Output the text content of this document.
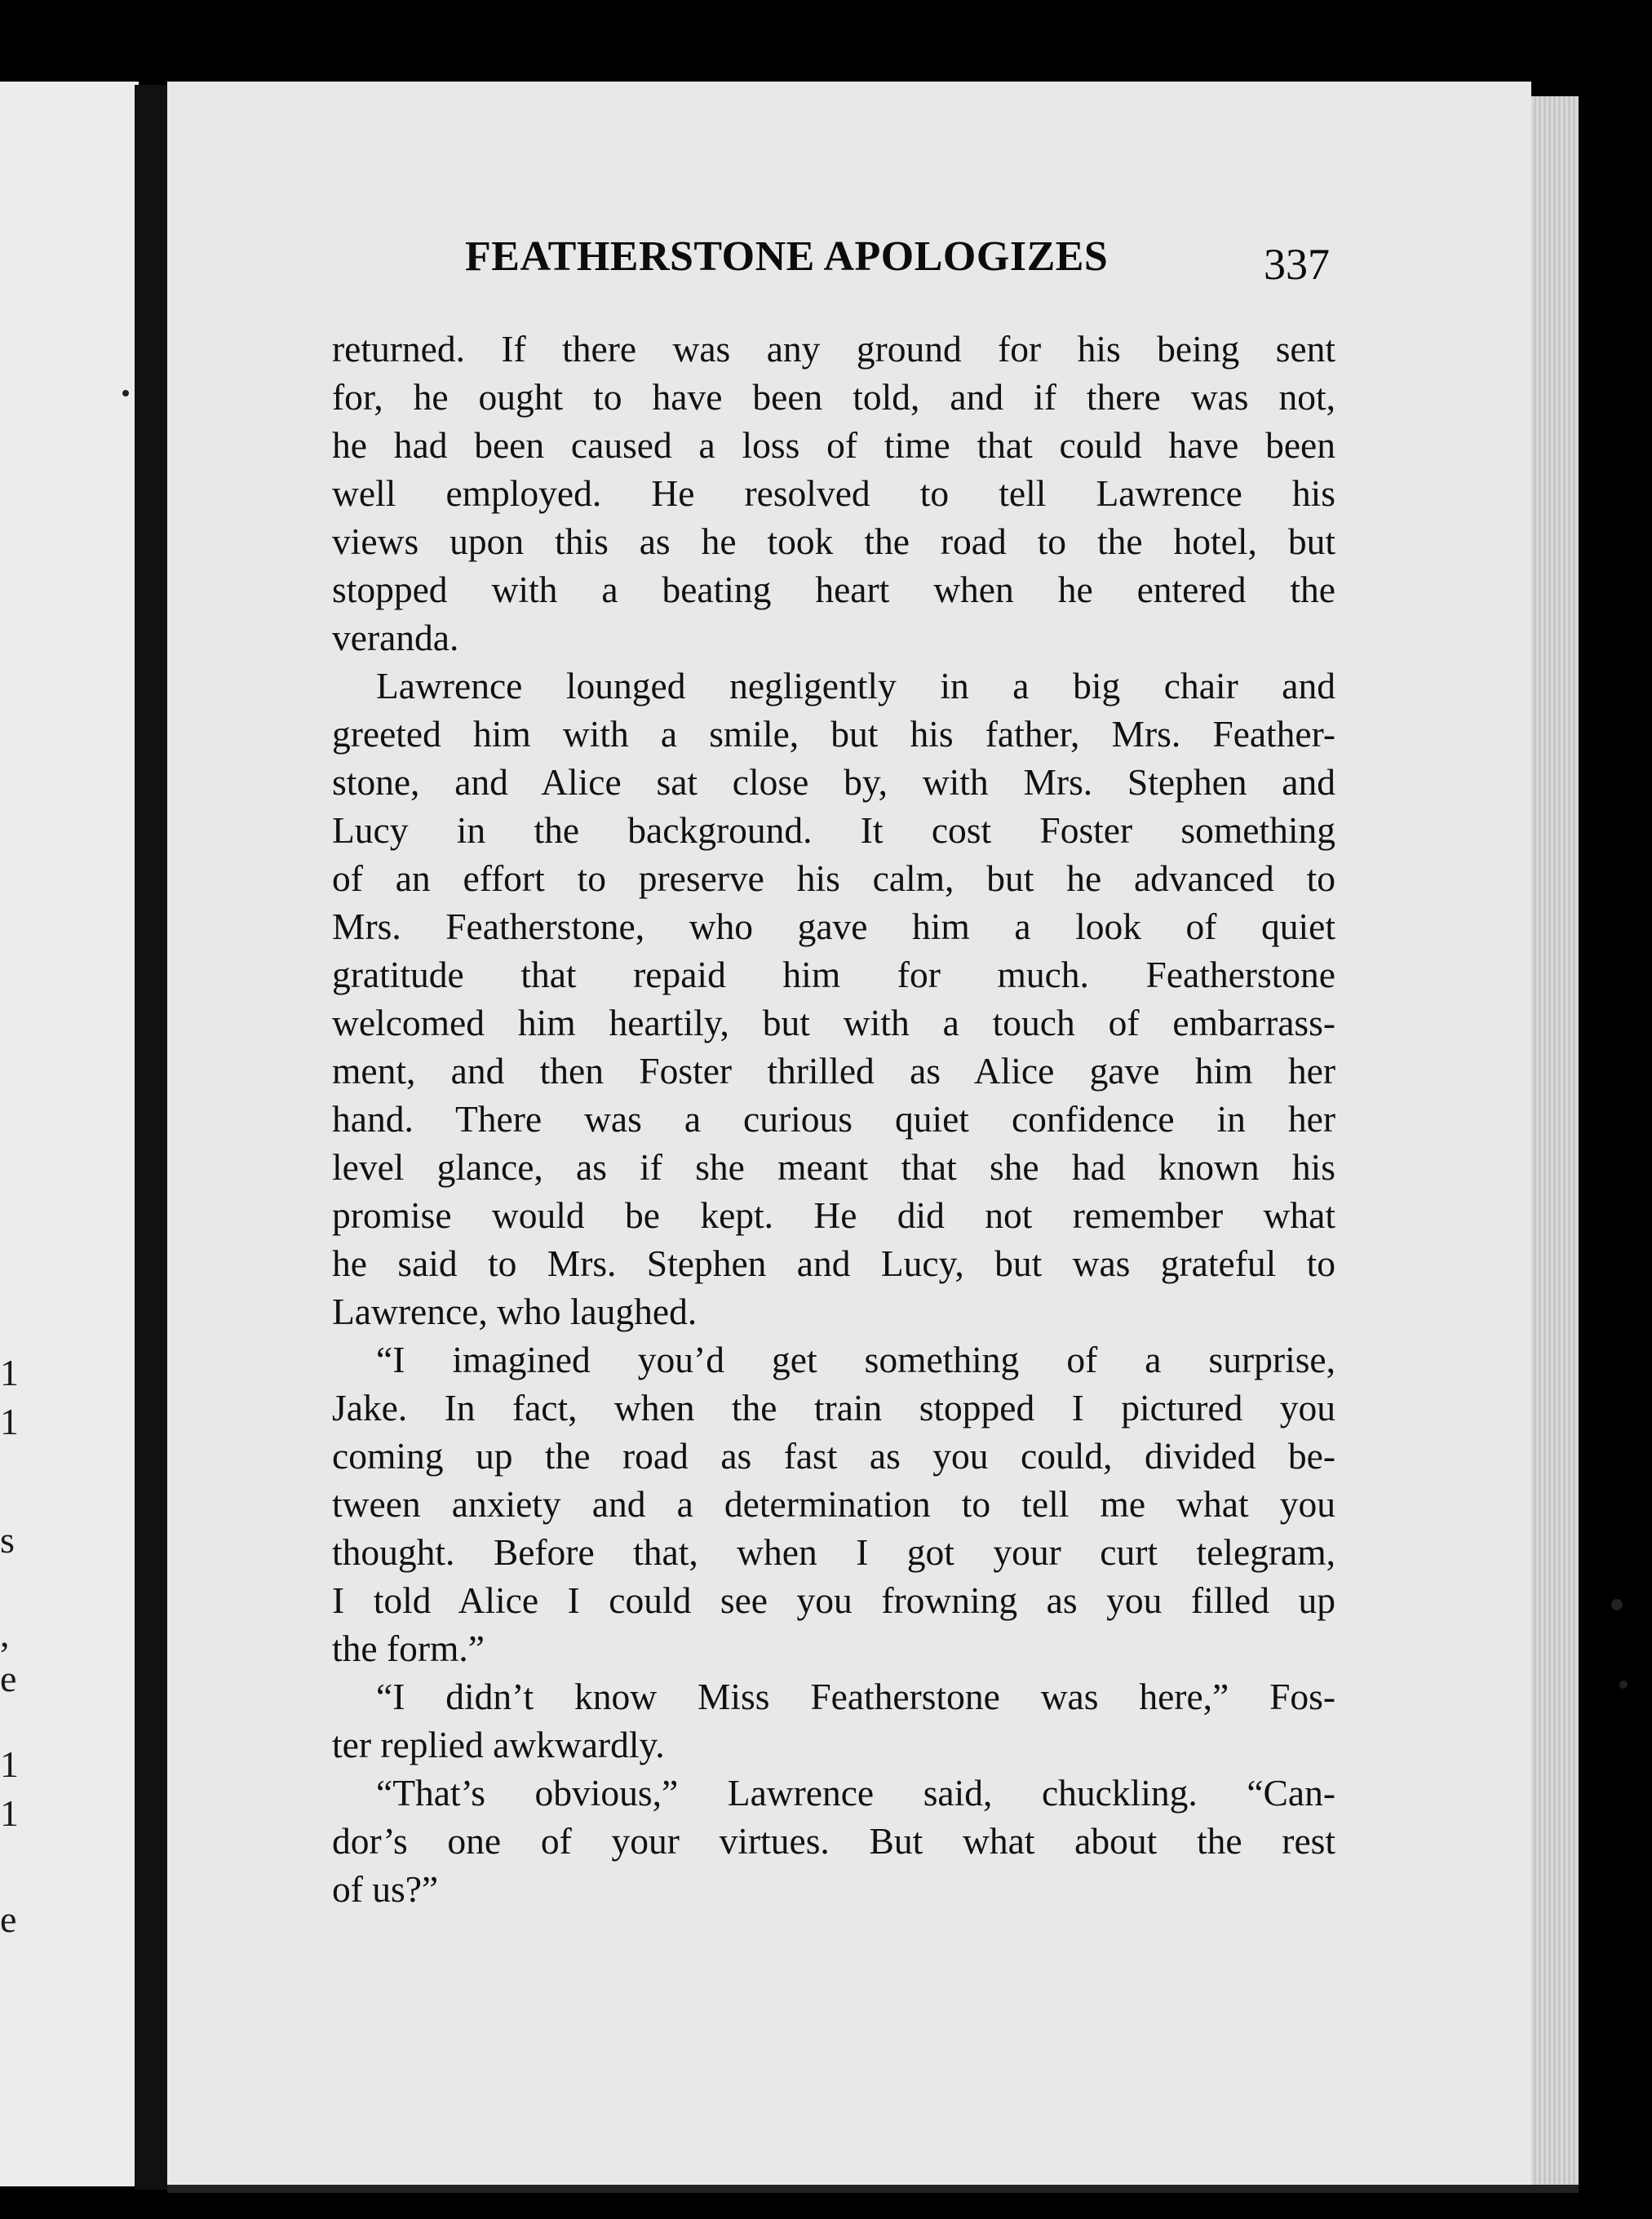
1
1
s
,
e
1
1
e
FEATHERSTONE APOLOGIZES	337

returned. If there was any ground for his being sent

for, he ought to have been told, and if there was not,

he had been caused a loss of time that could have been

well employed. He resolved to tell Lawrence his

views upon this as he took the road to the hotel, but

stopped with a beating heart when he entered the

veranda.

Lawrence lounged negligently in a big chair and

greeted him with a smile, but his father, Mrs. Feather-

stone, and Alice sat close by, with Mrs. Stephen and

Lucy in the background. It cost Foster something

of an effort to preserve his calm, but he advanced to

Mrs. Featherstone, who gave him a look of quiet

gratitude that repaid him for much. Featherstone

welcomed him heartily, but with a touch of embarrass-

ment, and then Foster thrilled as Alice gave him her

hand. There was a curious quiet confidence in her

level glance, as if she meant that she had known his

promise would be kept. He did not remember what

he said to Mrs. Stephen and Lucy, but was grateful to

Lawrence, who laughed.

“I imagined you’d get something of a surprise,

Jake. In fact, when the train stopped I pictured you

coming up the road as fast as you could, divided be-

tween anxiety and a determination to tell me what you

thought. Before that, when I got your curt telegram,

I told Alice I could see you frowning as you filled up

the form.”

“I didn’t know Miss Featherstone was here,” Fos-

ter replied awkwardly.

“That’s obvious,” Lawrence said, chuckling. “Can-

dor’s one of your virtues. But what about the rest

of us?”
